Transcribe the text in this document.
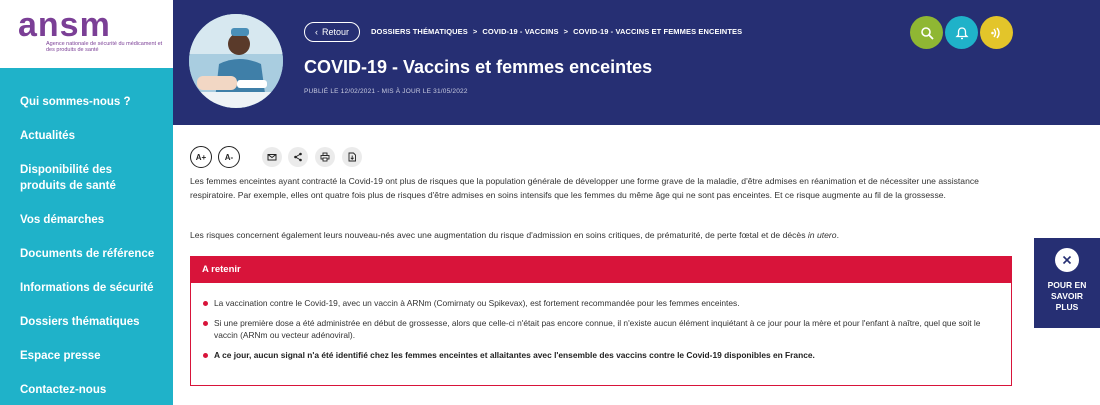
ansm
Agence nationale de sécurité du médicament et des produits de santé
Qui sommes-nous ?
Actualités
Disponibilité des produits de santé
Vos démarches
Documents de référence
Informations de sécurité
Dossiers thématiques
Espace presse
Contactez-nous
‹ Retour	DOSSIERS THÉMATIQUES > COVID-19 - VACCINS > COVID-19 - VACCINS ET FEMMES ENCEINTES
COVID-19 - Vaccins et femmes enceintes
PUBLIÉ LE 12/02/2021 - MIS À JOUR LE 31/05/2022
A+	A-

Les femmes enceintes ayant contracté la Covid-19 ont plus de risques que la population générale de développer une forme grave de la maladie, d'être admises en réanimation et de nécessiter une assistance respiratoire. Par exemple, elles ont quatre fois plus de risques d'être admises en soins intensifs que les femmes du même âge qui ne sont pas enceintes. Et ce risque augmente au fil de la grossesse.

Les risques concernent également leurs nouveau-nés avec une augmentation du risque d'admission en soins critiques, de prématurité, de perte fœtal et de décès in utero.

A retenir
La vaccination contre le Covid-19, avec un vaccin à ARNm (Comirnaty ou Spikevax), est fortement recommandée pour les femmes enceintes.
Si une première dose a été administrée en début de grossesse, alors que celle-ci n'était pas encore connue, il n'existe aucun élément inquiétant à ce jour pour la mère et pour l'enfant à naître, quel que soit le vaccin (ARNm ou vecteur adénoviral).
A ce jour, aucun signal n'a été identifié chez les femmes enceintes et allaitantes avec l'ensemble des vaccins contre le Covid-19 disponibles en France.
POUR EN SAVOIR PLUS
